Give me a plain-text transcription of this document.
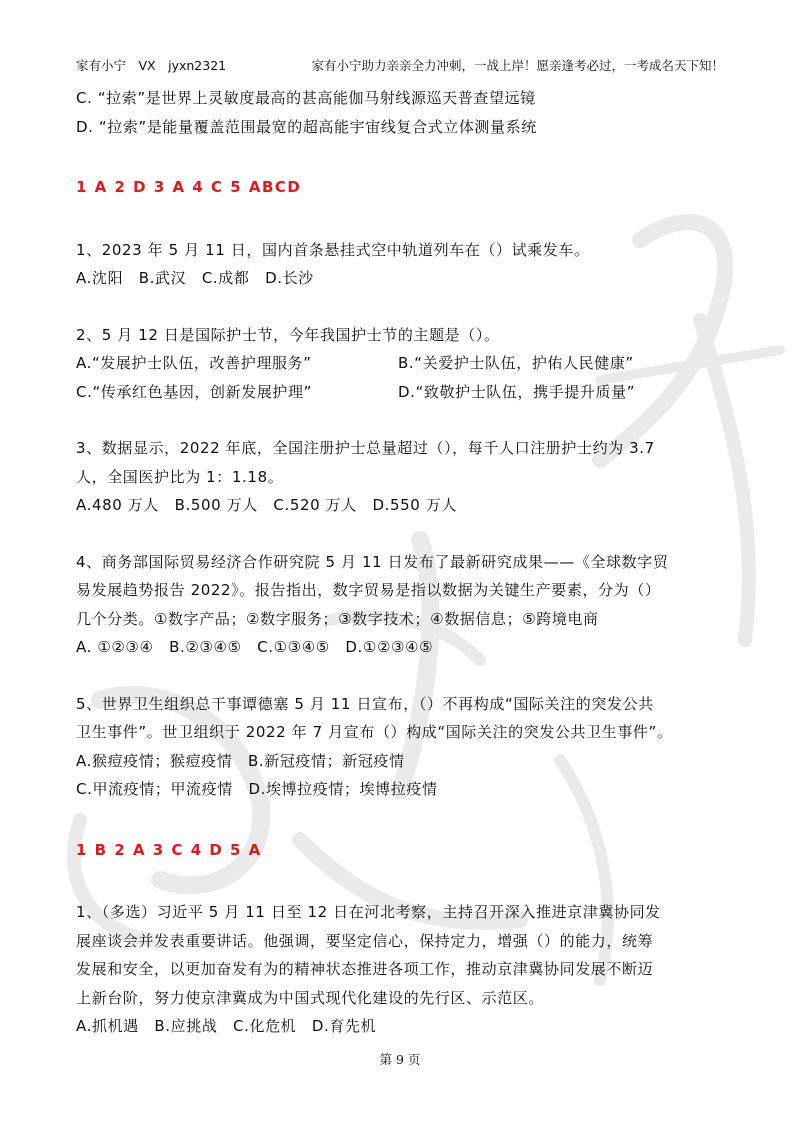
家有小宁　VX　jyxn2321	家有小宁助力亲亲全力冲刺，一战上岸！愿亲逢考必过，一考成名天下知！
C. “拉索”是世界上灵敏度最高的甚高能伽马射线源巡天普查望远镜
D. “拉索”是能量覆盖范围最宽的超高能宇宙线复合式立体测量系统
1 A 2 D 3 A 4 C 5 ABCD
1、2023 年 5 月 11 日，国内首条悬挂式空中轨道列车在（）试乘发车。
A.沈阳　B.武汉　C.成都　D.长沙
2、5 月 12 日是国际护士节，今年我国护士节的主题是（）。
A.“发展护士队伍，改善护理服务”	B.“关爱护士队伍，护佑人民健康”
C.“传承红色基因，创新发展护理”	D.“致敬护士队伍，携手提升质量”
3、数据显示，2022 年底，全国注册护士总量超过（），每千人口注册护士约为 3.7
人，全国医护比为 1：1.18。
A.480 万人　B.500 万人　C.520 万人　D.550 万人
4、商务部国际贸易经济合作研究院 5 月 11 日发布了最新研究成果——《全球数字贸
易发展趋势报告 2022》。报告指出，数字贸易是指以数据为关键生产要素，分为（）
几个分类。①数字产品；②数字服务；③数字技术；④数据信息；⑤跨境电商
A. ①②③④　B.②③④⑤　C.①③④⑤　D.①②③④⑤
5、世界卫生组织总干事谭德塞 5 月 11 日宣布，（）不再构成“国际关注的突发公共
卫生事件”。世卫组织于 2022 年 7 月宣布（）构成“国际关注的突发公共卫生事件”。
A.猴痘疫情；猴痘疫情　B.新冠疫情；新冠疫情
C.甲流疫情；甲流疫情　D.埃博拉疫情；埃博拉疫情
1 B 2 A 3 C 4 D 5 A
1、（多选）习近平 5 月 11 日至 12 日在河北考察，主持召开深入推进京津冀协同发
展座谈会并发表重要讲话。他强调，要坚定信心，保持定力，增强（）的能力，统筹
发展和安全，以更加奋发有为的精神状态推进各项工作，推动京津冀协同发展不断迈
上新台阶，努力使京津冀成为中国式现代化建设的先行区、示范区。
A.抓机遇　B.应挑战　C.化危机　D.育先机
第 9 页
